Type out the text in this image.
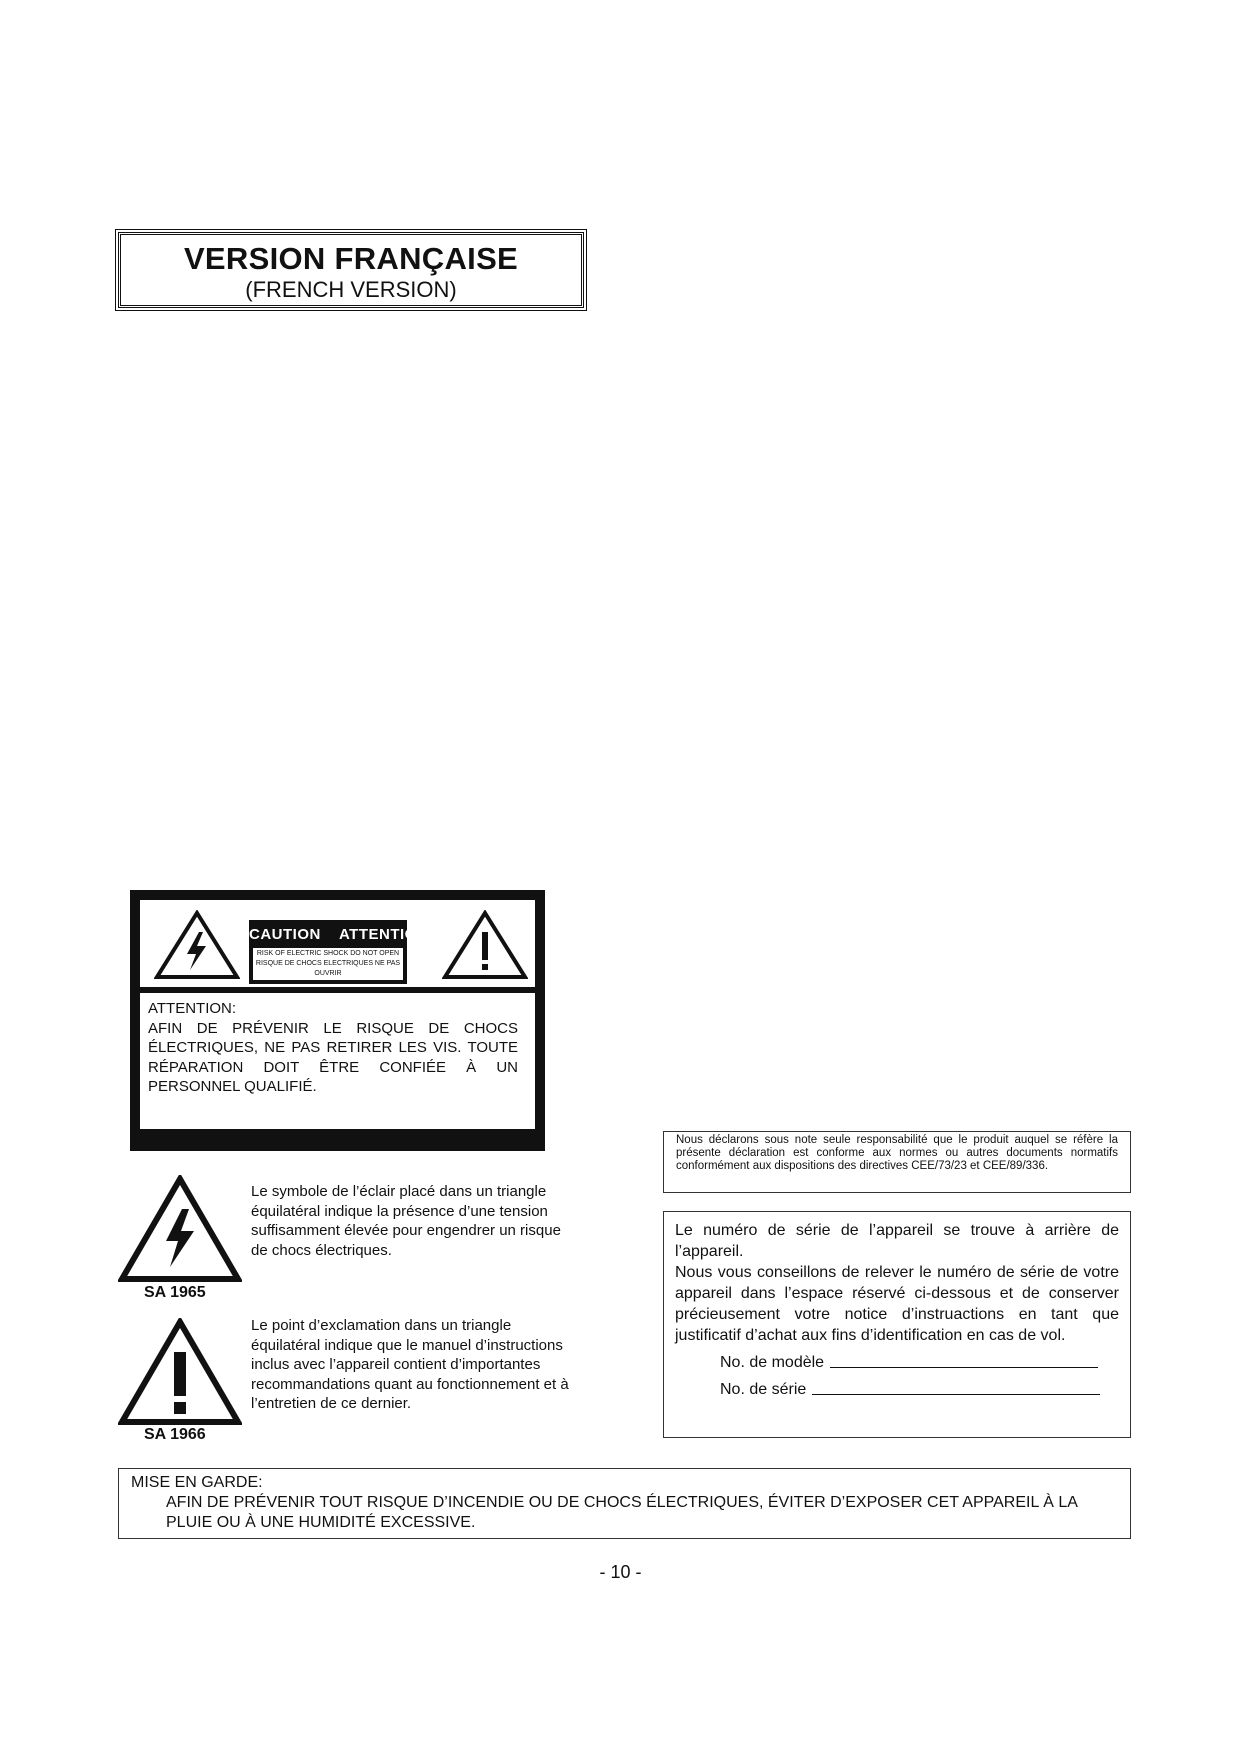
VERSION FRANÇAISE
(FRENCH VERSION)
CAUTION    ATTENTION
RISK OF ELECTRIC SHOCK DO NOT OPEN
RISQUE DE CHOCS ELECTRIQUES NE PAS OUVRIR
ATTENTION:
AFIN DE PRÉVENIR LE RISQUE DE CHOCS ÉLECTRIQUES, NE PAS RETIRER LES VIS. TOUTE RÉPARATION DOIT ÊTRE CONFIÉE À UN PERSONNEL QUALIFIÉ.
SA 1965
Le symbole de l’éclair placé dans un triangle équilatéral indique la présence d’une tension suffisamment élevée pour engendrer un risque de chocs électriques.
SA 1966
Le point d’exclamation dans un triangle équilatéral indique que le manuel d’instructions inclus avec l’appareil contient d’importantes recommandations quant au fonctionnement et à l’entretien de ce dernier.
Nous déclarons sous note seule responsabilité que le produit auquel se réfère la présente déclaration est conforme aux normes ou autres documents normatifs conformément aux dispositions des directives CEE/73/23 et CEE/89/336.
Le numéro de série de l’appareil se trouve à arrière de l’appareil.
Nous vous conseillons de relever le numéro de série de votre appareil dans l’espace réservé ci-dessous et de conserver précieusement votre notice d’instruactions en tant que justificatif d’achat aux fins d’identification en cas de vol.
No. de modèle
No. de série
MISE EN GARDE:
AFIN DE PRÉVENIR TOUT RISQUE D’INCENDIE OU DE CHOCS ÉLECTRIQUES, ÉVITER D’EXPOSER CET APPAREIL À LA PLUIE OU À UNE HUMIDITÉ EXCESSIVE.
- 10 -
